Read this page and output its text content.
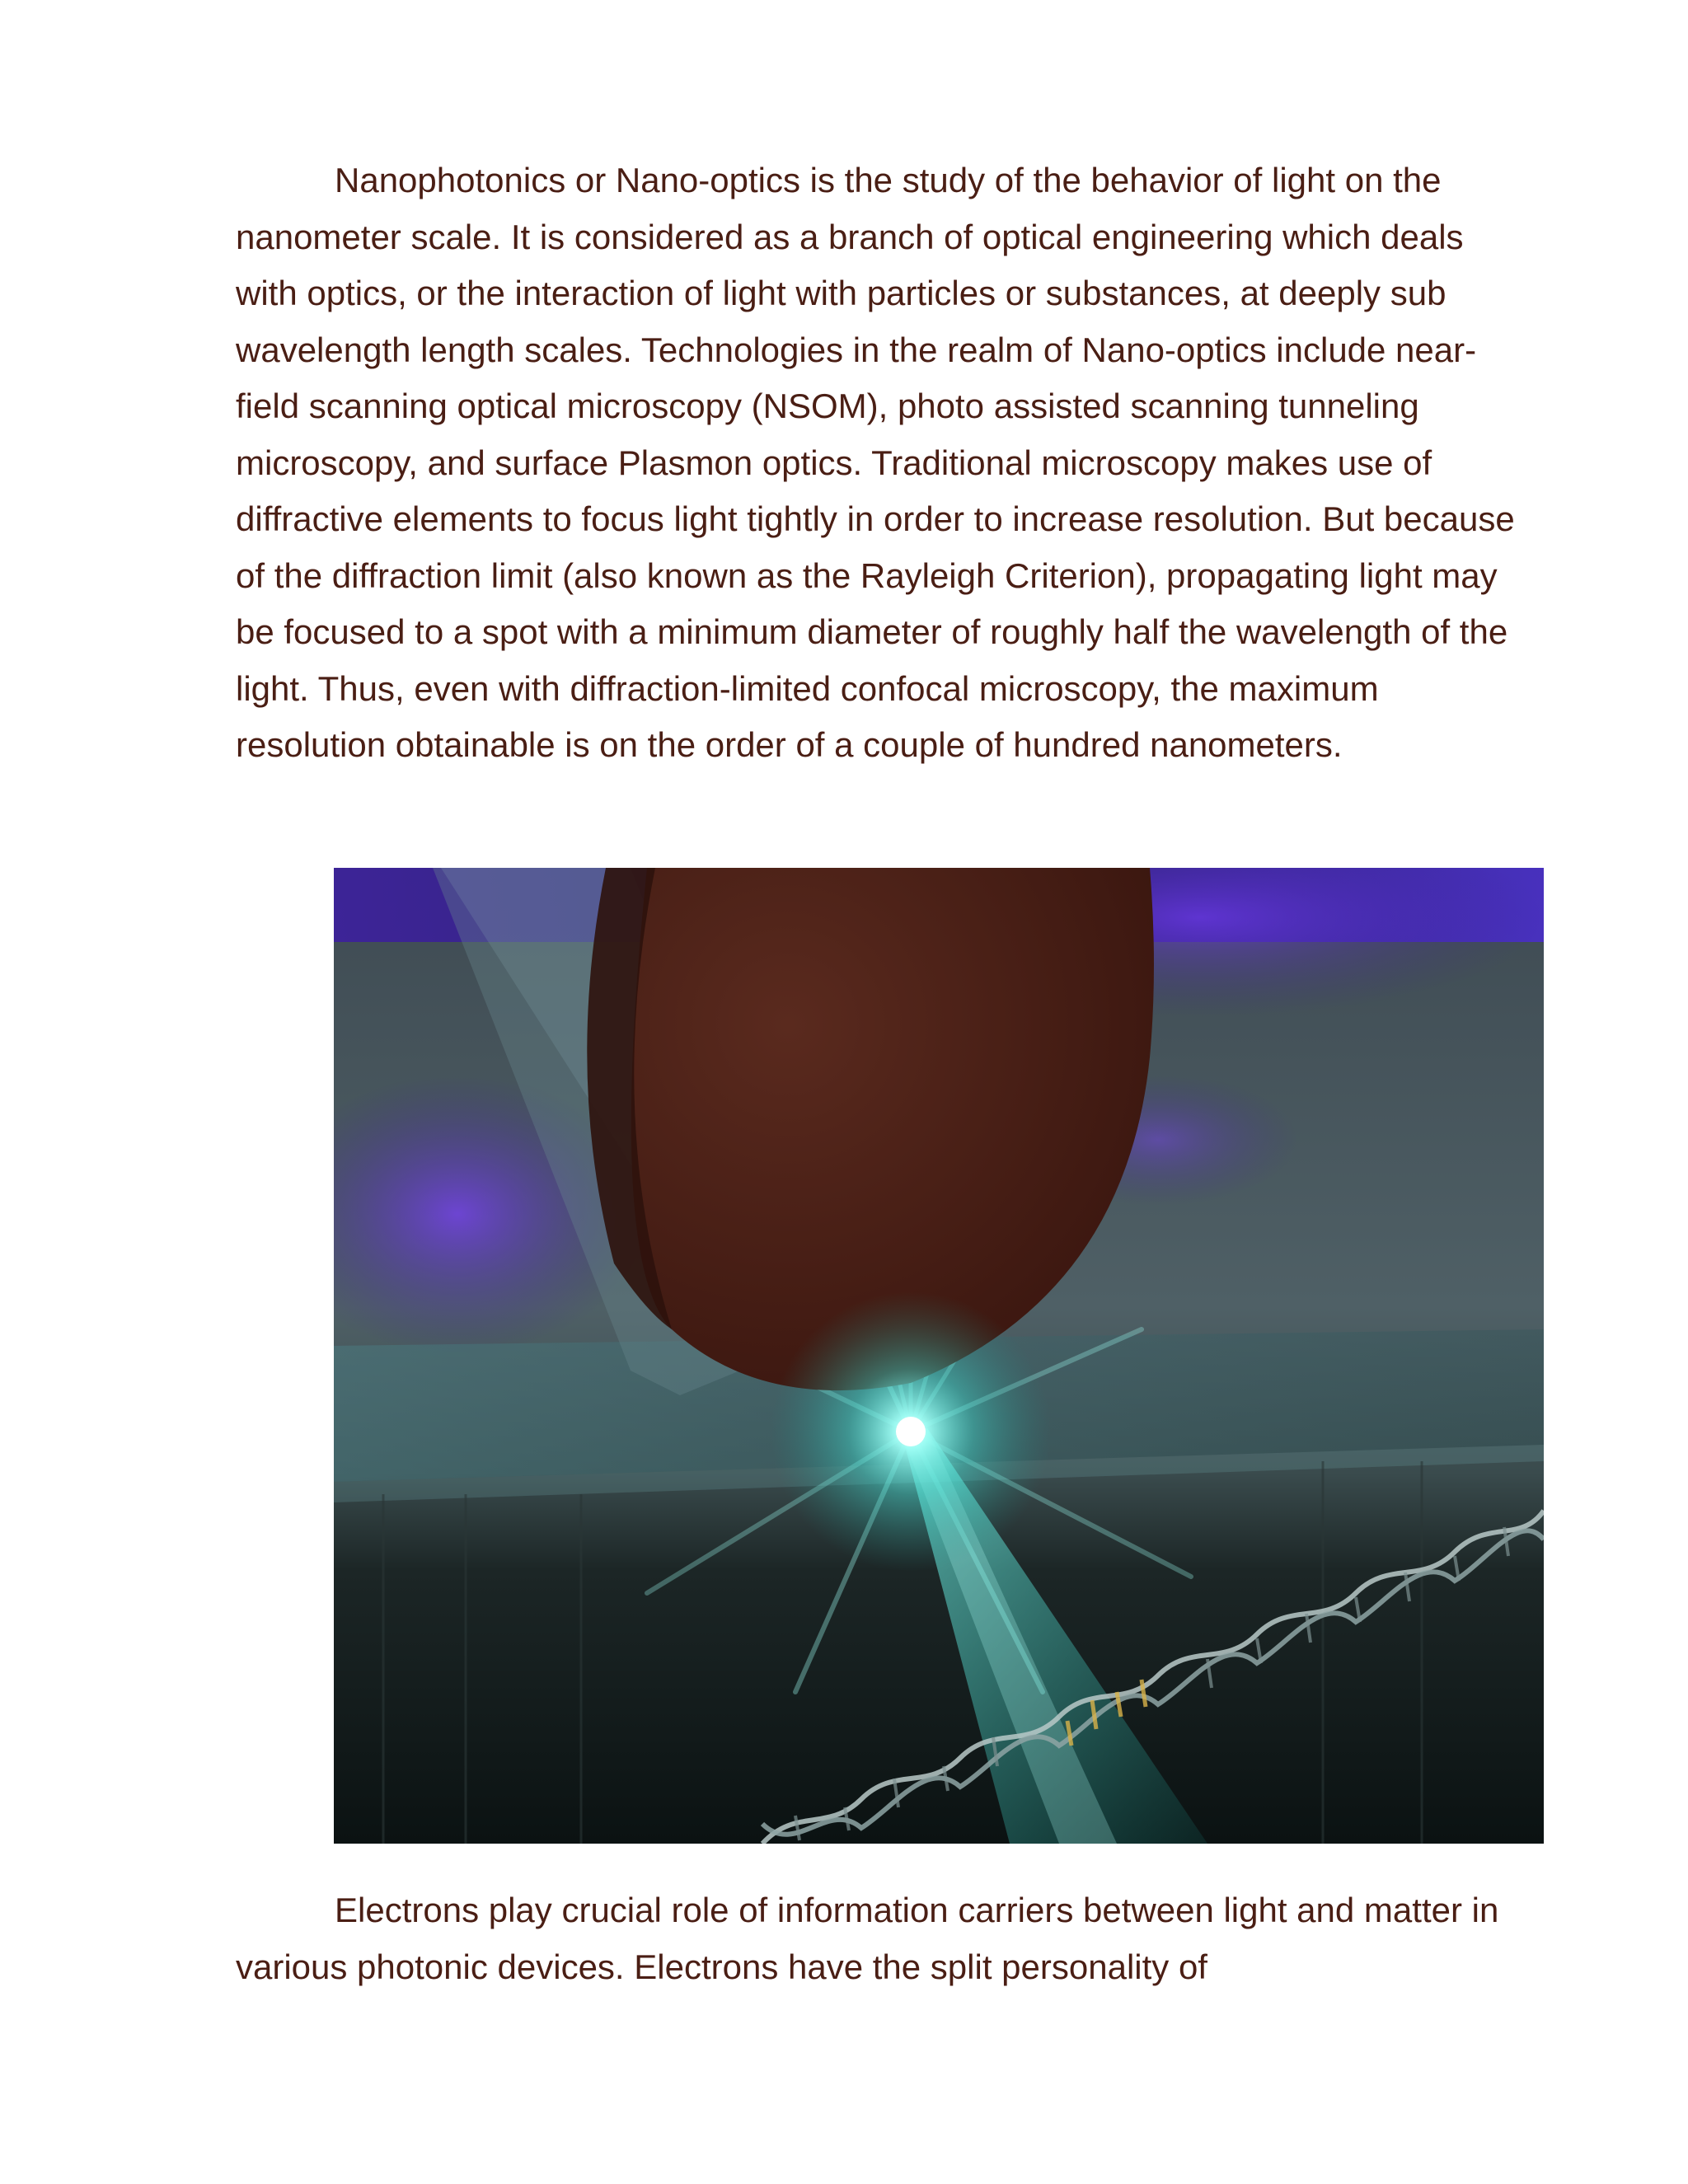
Nanophotonics or Nano-optics is the study of the behavior of light on the nanometer scale. It is considered as a branch of optical engineering which deals with optics, or the interaction of light with particles or substances, at deeply sub wavelength length scales. Technologies in the realm of Nano-optics include near-field scanning optical microscopy (NSOM), photo assisted scanning tunneling microscopy, and surface Plasmon optics. Traditional microscopy makes use of diffractive elements to focus light tightly in order to increase resolution. But because of the diffraction limit (also known as the Rayleigh Criterion), propagating light may be focused to a spot with a minimum diameter of roughly half the wavelength of the light. Thus, even with diffraction-limited confocal microscopy, the maximum resolution obtainable is on the order of a couple of hundred nanometers.

Electrons play crucial role of information carriers between light and matter in various photonic devices. Electrons have the split personality of
